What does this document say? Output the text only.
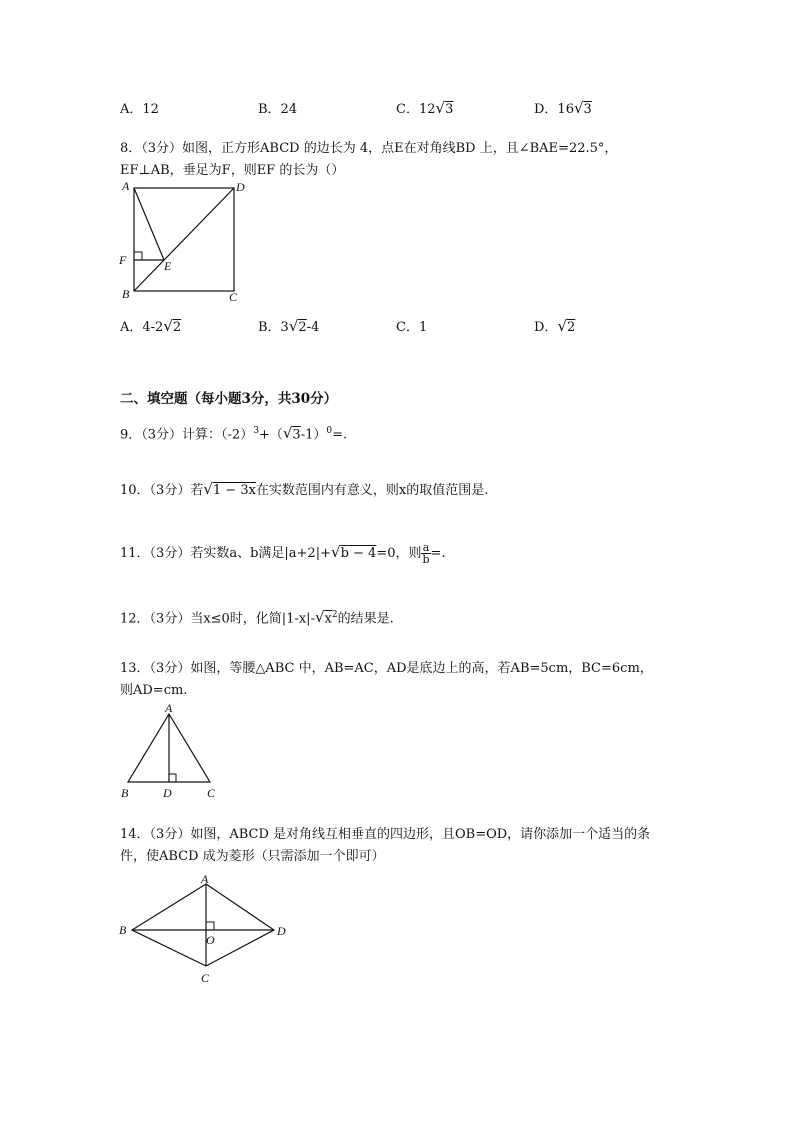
A．12	B．24	C．12√3	D．16√3
8．（3分）如图，正方形ABCD 的边长为 4，点E在对角线BD 上，且∠BAE=22.5°，
EF⊥AB，垂足为F，则EF 的长为（）
A	D
F	E
B	C
A．4-2√2	B．3√2-4	C．1	D．√2
二、填空题（每小题3分，共30分）
9．（3分）计算：$(-2)^3+(√3-1)^0=$.
10．（3分）若√1 − 3x在实数范围内有意义，则x的取值范围是.
11．（3分）若实数a、b满足|a+2|+√b − 4=0，则 $\frac{a}{b}$ =.
12．（3分）当x≤0时，化简$|1-x|-√x^2$的结果是.
13．（3分）如图，等腰△ABC 中，AB=AC，AD是底边上的高，若AB=5cm，BC=6cm，
则AD=cm.
A
B	D	C
14．（3分）如图，ABCD 是对角线互相垂直的四边形，且OB=OD，请你添加一个适当的条
件，使ABCD 成为菱形（只需添加一个即可）
A
B
O
D
C
